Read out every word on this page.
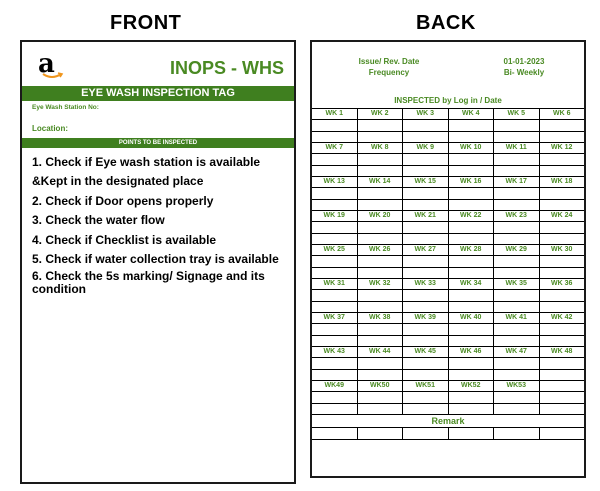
FRONT
a	INOPS - WHS
EYE WASH INSPECTION TAG
Eye Wash Station No:
Location:
POINTS TO BE INSPECTED
1. Check if Eye wash station is available
&Kept in the designated place
2. Check if Door opens properly
3. Check the water flow
4. Check if Checklist is available
5. Check if water collection tray is available
6. Check the 5s marking/ Signage and its condition
BACK
Issue/ Rev. Date
Frequency
01-01-2023
Bi- Weekly
INSPECTED by Log in / Date
WK 1	WK 2	WK 3	WK 4	WK 5	WK 6
WK 7	WK 8	WK 9	WK 10	WK 11	WK 12
WK 13	WK 14	WK 15	WK 16	WK 17	WK 18
WK 19	WK 20	WK 21	WK 22	WK 23	WK 24
WK 25	WK 26	WK 27	WK 28	WK 29	WK 30
WK 31	WK 32	WK 33	WK 34	WK 35	WK 36
WK 37	WK 38	WK 39	WK 40	WK 41	WK 42
WK 43	WK 44	WK 45	WK 46	WK 47	WK 48
WK49	WK50	WK51	WK52	WK53
Remark
